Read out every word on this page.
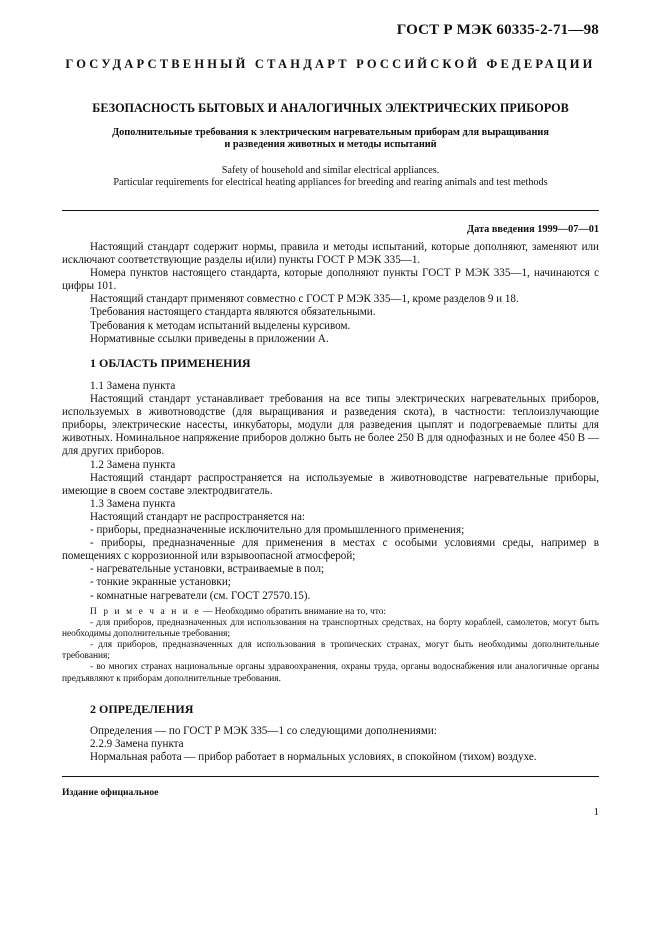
ГОСТ Р МЭК 60335-2-71—98
ГОСУДАРСТВЕННЫЙ СТАНДАРТ РОССИЙСКОЙ ФЕДЕРАЦИИ
БЕЗОПАСНОСТЬ БЫТОВЫХ И АНАЛОГИЧНЫХ ЭЛЕКТРИЧЕСКИХ ПРИБОРОВ
Дополнительные требования к электрическим нагревательным приборам для выращивания
и разведения животных и методы испытаний
Safety of household and similar electrical appliances.
Particular requirements for electrical heating appliances for breeding and rearing animals and test methods
Дата введения 1999—07—01

Настоящий стандарт содержит нормы, правила и методы испытаний, которые дополняют, заменяют или исключают соответствующие разделы и(или) пункты ГОСТ Р МЭК 335—1.

Номера пунктов настоящего стандарта, которые дополняют пункты ГОСТ Р МЭК 335—1, начинаются с цифры 101.

Настоящий стандарт применяют совместно с ГОСТ Р МЭК 335—1, кроме разделов 9 и 18.

Требования настоящего стандарта являются обязательными.

Требования к методам испытаний выделены курсивом.

Нормативные ссылки приведены в приложении А.

1 ОБЛАСТЬ ПРИМЕНЕНИЯ

1.1 Замена пункта

Настоящий стандарт устанавливает требования на все типы электрических нагревательных приборов, используемых в животноводстве (для выращивания и разведения скота), в частности: теплоизлучающие приборы, электрические насесты, инкубаторы, модули для разведения цыплят и подогреваемые плиты для животных. Номинальное напряжение приборов должно быть не более 250 В для однофазных и не более 450 В — для других приборов.

1.2 Замена пункта

Настоящий стандарт распространяется на используемые в животноводстве нагревательные приборы, имеющие в своем составе электродвигатель.

1.3 Замена пункта

Настоящий стандарт не распространяется на:

- приборы, предназначенные исключительно для промышленного применения;

- приборы, предназначенные для применения в местах с особыми условиями среды, например в помещениях с коррозионной или взрывоопасной атмосферой;

- нагревательные установки, встраиваемые в пол;

- тонкие экранные установки;

- комнатные нагреватели (см. ГОСТ 27570.15).

П р и м е ч а н и е — Необходимо обратить внимание на то, что:

- для приборов, предназначенных для использования на транспортных средствах, на борту кораблей, самолетов, могут быть необходимы дополнительные требования;

- для приборов, предназначенных для использования в тропических странах, могут быть необходимы дополнительные требования;

- во многих странах национальные органы здравоохранения, охраны труда, органы водоснабжения или аналогичные органы предъявляют к приборам дополнительные требования.

2 ОПРЕДЕЛЕНИЯ

Определения — по ГОСТ Р МЭК 335—1 со следующими дополнениями:

2.2.9 Замена пункта

Нормальная работа — прибор работает в нормальных условиях, в спокойном (тихом) воздухе.

Издание официальное
1
